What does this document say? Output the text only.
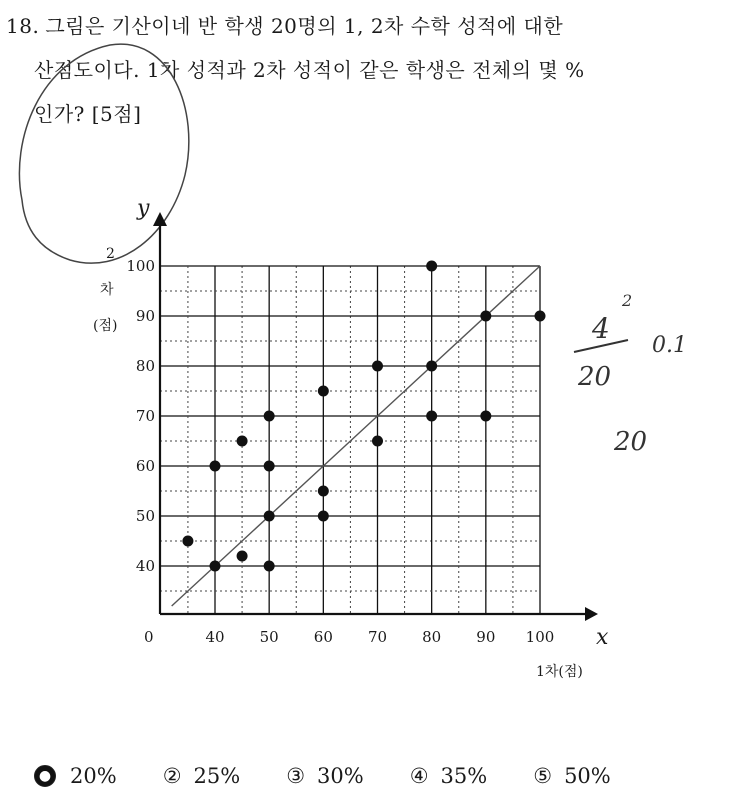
18. 그림은 기산이네 반 학생 20명의 1, 2차 수학 성적에 대한
산점도이다. 1차 성적과 2차 성적이 같은 학생은 전체의 몇 %
인가? [5점]
40 50 60 70 80 90 100
40
50
60
70
80
90
100
x
y
0
1차(점)
2
차
(점)	4
2
20
0.1
20
● 20% ② 25% ③ 30% ④ 35% ⑤ 50%
